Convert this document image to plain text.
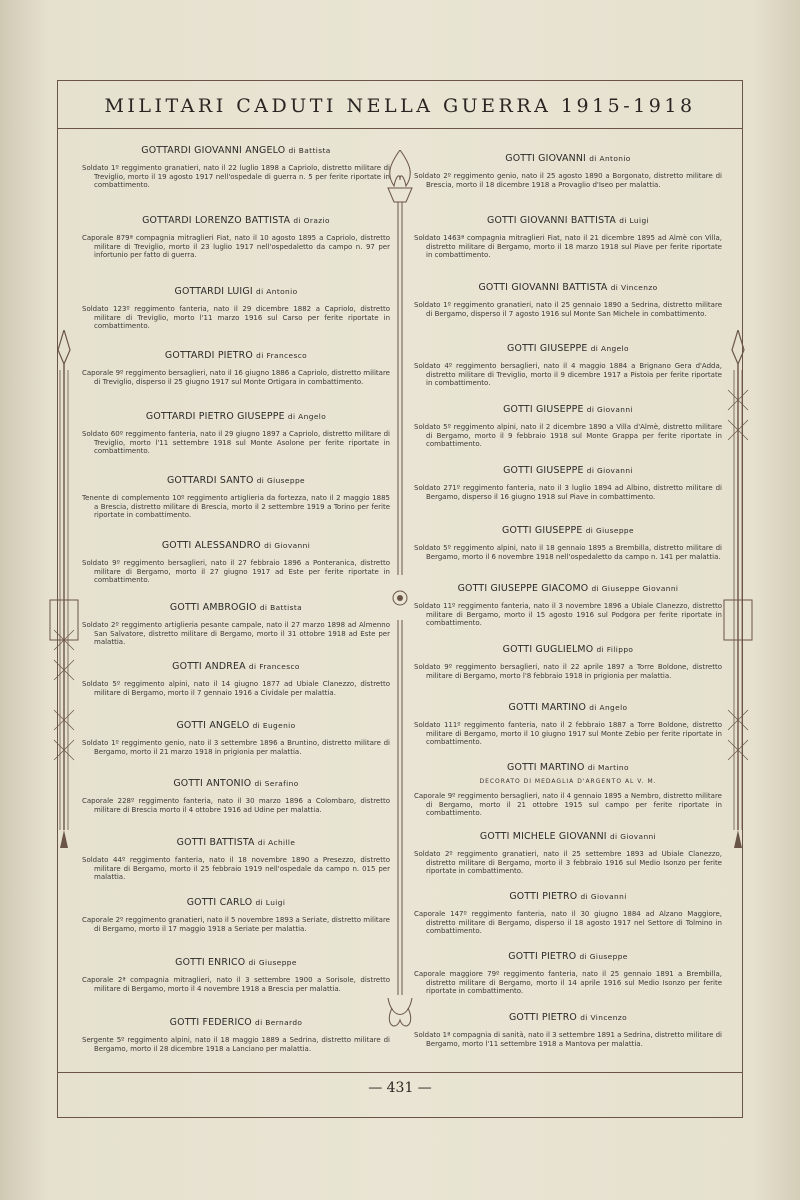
MILITARI CADUTI NELLA GUERRA 1915-1918
GOTTARDI GIOVANNI ANGELO di Battista
Soldato 1º reggimento granatieri, nato il 22 luglio 1898 a Capriolo, distretto militare di Treviglio, morto il 19 agosto 1917 nell'ospedale di guerra n. 5 per ferite riportate in combattimento.
GOTTARDI LORENZO BATTISTA di Orazio
Caporale 879ª compagnia mitraglieri Fiat, nato il 10 agosto 1895 a Capriolo, distretto militare di Treviglio, morto il 23 luglio 1917 nell'ospedaletto da campo n. 97 per infortunio per fatto di guerra.
GOTTARDI LUIGI di Antonio
Soldato 123º reggimento fanteria, nato il 29 dicembre 1882 a Capriolo, distretto militare di Treviglio, morto l'11 marzo 1916 sul Carso per ferite riportate in combattimento.
GOTTARDI PIETRO di Francesco
Caporale 9º reggimento bersaglieri, nato il 16 giugno 1886 a Capriolo, distretto militare di Treviglio, disperso il 25 giugno 1917 sul Monte Ortigara in combattimento.
GOTTARDI PIETRO GIUSEPPE di Angelo
Soldato 60º reggimento fanteria, nato il 29 giugno 1897 a Capriolo, distretto militare di Treviglio, morto l'11 settembre 1918 sul Monte Asolone per ferite riportate in combattimento.
GOTTARDI SANTO di Giuseppe
Tenente di complemento 10º reggimento artiglieria da fortezza, nato il 2 maggio 1885 a Brescia, distretto militare di Brescia, morto il 2 settembre 1919 a Torino per ferite riportate in combattimento.
GOTTI ALESSANDRO di Giovanni
Soldato 9º reggimento bersaglieri, nato il 27 febbraio 1896 a Ponteranica, distretto militare di Bergamo, morto il 27 giugno 1917 ad Este per ferite riportate in combattimento.
GOTTI AMBROGIO di Battista
Soldato 2º reggimento artiglieria pesante campale, nato il 27 marzo 1898 ad Almenno San Salvatore, distretto militare di Bergamo, morto il 31 ottobre 1918 ad Este per malattia.
GOTTI ANDREA di Francesco
Soldato 5º reggimento alpini, nato il 14 giugno 1877 ad Ubiale Clanezzo, distretto militare di Bergamo, morto il 7 gennaio 1916 a Cividale per malattia.
GOTTI ANGELO di Eugenio
Soldato 1º reggimento genio, nato il 3 settembre 1896 a Bruntino, distretto militare di Bergamo, morto il 21 marzo 1918 in prigionia per malattia.
GOTTI ANTONIO di Serafino
Caporale 228º reggimento fanteria, nato il 30 marzo 1896 a Colombaro, distretto militare di Brescia morto il 4 ottobre 1916 ad Udine per malattia.
GOTTI BATTISTA di Achille
Soldato 44º reggimento fanteria, nato il 18 novembre 1890 a Presezzo, distretto militare di Bergamo, morto il 25 febbraio 1919 nell'ospedale da campo n. 015 per malattia.
GOTTI CARLO di Luigi
Caporale 2º reggimento granatieri, nato il 5 novembre 1893 a Seriate, distretto militare di Bergamo, morto il 17 maggio 1918 a Seriate per malattia.
GOTTI ENRICO di Giuseppe
Caporale 2ª compagnia mitraglieri, nato il 3 settembre 1900 a Sorisole, distretto militare di Bergamo, morto il 4 novembre 1918 a Brescia per malattia.
GOTTI FEDERICO di Bernardo
Sergente 5º reggimento alpini, nato il 18 maggio 1889 a Sedrina, distretto militare di Bergamo, morto il 28 dicembre 1918 a Lanciano per malattia.
GOTTI GIOVANNI di Antonio
Soldato 2º reggimento genio, nato il 25 agosto 1890 a Borgonato, distretto militare di Brescia, morto il 18 dicembre 1918 a Provaglio d'Iseo per malattia.
GOTTI GIOVANNI BATTISTA di Luigi
Soldato 1463ª compagnia mitraglieri Fiat, nato il 21 dicembre 1895 ad Almè con Villa, distretto militare di Bergamo, morto il 18 marzo 1918 sul Piave per ferite riportate in combattimento.
GOTTI GIOVANNI BATTISTA di Vincenzo
Soldato 1º reggimento granatieri, nato il 25 gennaio 1890 a Sedrina, distretto militare di Bergamo, disperso il 7 agosto 1916 sul Monte San Michele in combattimento.
GOTTI GIUSEPPE di Angelo
Soldato 4º reggimento bersaglieri, nato il 4 maggio 1884 a Brignano Gera d'Adda, distretto militare di Treviglio, morto il 9 dicembre 1917 a Pistoia per ferite riportate in combattimento.
GOTTI GIUSEPPE di Giovanni
Soldato 5º reggimento alpini, nato il 2 dicembre 1890 a Villa d'Almè, distretto militare di Bergamo, morto il 9 febbraio 1918 sul Monte Grappa per ferite riportate in combattimento.
GOTTI GIUSEPPE di Giovanni
Soldato 271º reggimento fanteria, nato il 3 luglio 1894 ad Albino, distretto militare di Bergamo, disperso il 16 giugno 1918 sul Piave in combattimento.
GOTTI GIUSEPPE di Giuseppe
Soldato 5º reggimento alpini, nato il 18 gennaio 1895 a Brembilla, distretto militare di Bergamo, morto il 6 novembre 1918 nell'ospedaletto da campo n. 141 per malattia.
GOTTI GIUSEPPE GIACOMO di Giuseppe Giovanni
Soldato 11º reggimento fanteria, nato il 3 novembre 1896 a Ubiale Clanezzo, distretto militare di Bergamo, morto il 15 agosto 1916 sul Podgora per ferite riportate in combattimento.
GOTTI GUGLIELMO di Filippo
Soldato 9º reggimento bersaglieri, nato il 22 aprile 1897 a Torre Boldone, distretto militare di Bergamo, morto l'8 febbraio 1918 in prigionia per malattia.
GOTTI MARTINO di Angelo
Soldato 111º reggimento fanteria, nato il 2 febbraio 1887 a Torre Boldone, distretto militare di Bergamo, morto il 10 giugno 1917 sul Monte Zebio per ferite riportate in combattimento.
GOTTI MARTINO di Martino
DECORATO DI MEDAGLIA D'ARGENTO AL V. M.
Caporale 9º reggimento bersaglieri, nato il 4 gennaio 1895 a Nembro, distretto militare di Bergamo, morto il 21 ottobre 1915 sul campo per ferite riportate in combattimento.
GOTTI MICHELE GIOVANNI di Giovanni
Soldato 2º reggimento granatieri, nato il 25 settembre 1893 ad Ubiale Clanezzo, distretto militare di Bergamo, morto il 3 febbraio 1916 sul Medio Isonzo per ferite riportate in combattimento.
GOTTI PIETRO di Giovanni
Caporale 147º reggimento fanteria, nato il 30 giugno 1884 ad Alzano Maggiore, distretto militare di Bergamo, disperso il 18 agosto 1917 nel Settore di Tolmino in combattimento.
GOTTI PIETRO di Giuseppe
Caporale maggiore 79º reggimento fanteria, nato il 25 gennaio 1891 a Brembilla, distretto militare di Bergamo, morto il 14 aprile 1916 sul Medio Isonzo per ferite riportate in combattimento.
GOTTI PIETRO di Vincenzo
Soldato 1ª compagnia di sanità, nato il 3 settembre 1891 a Sedrina, distretto militare di Bergamo, morto l'11 settembre 1918 a Mantova per malattia.
— 431 —
